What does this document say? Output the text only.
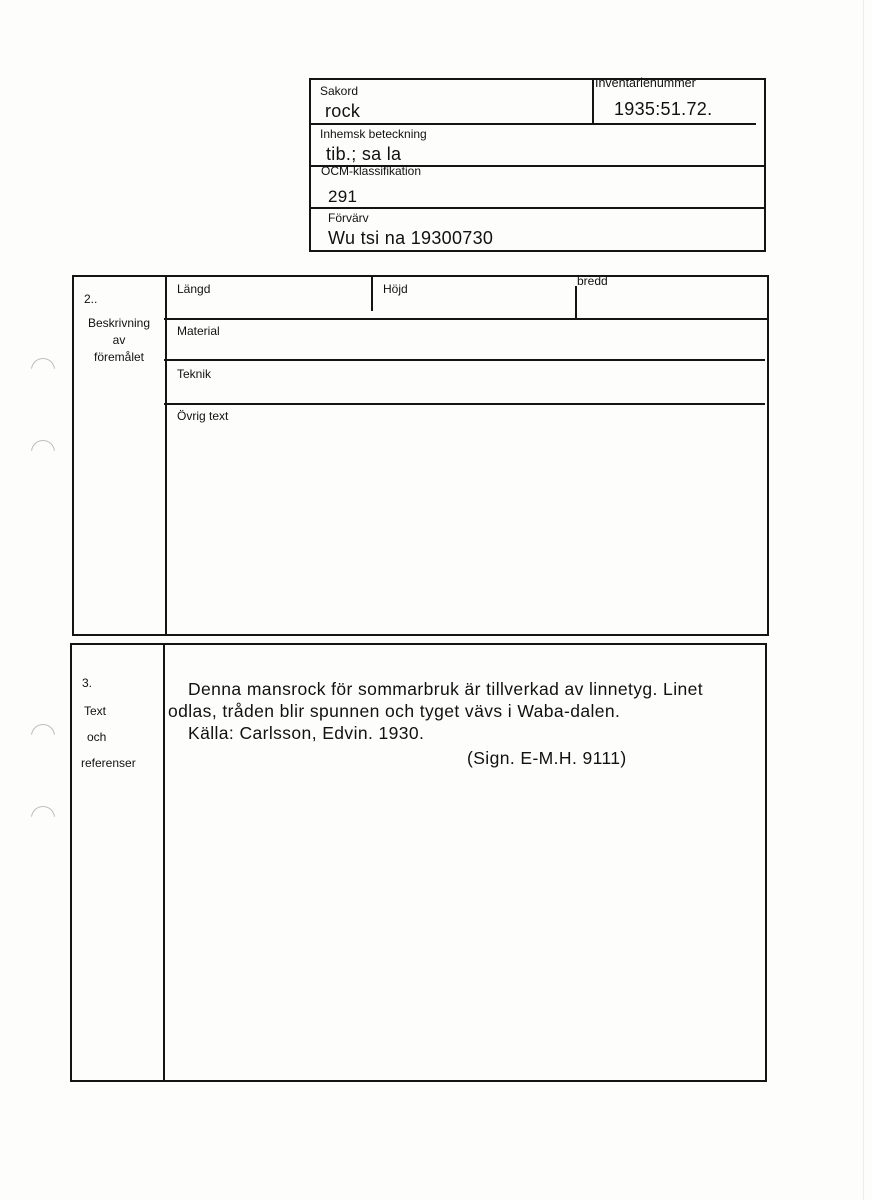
Sakord
rock
Inventarienummer
1935:51.72.
Inhemsk beteckning
tib.; sa la
OCM-klassifikation
291
Förvärv
Wu tsi na 19300730
2..
Beskrivning
av
föremålet
Längd	Höjd
bredd
Material
Teknik
Övrig text
3.
Text
och
referenser
Denna mansrock för sommarbruk är tillverkad av linnetyg. Linet
odlas, tråden blir spunnen och tyget vävs i Waba-dalen.
Källa: Carlsson, Edvin. 1930.
(Sign. E-M.H. 9111)
